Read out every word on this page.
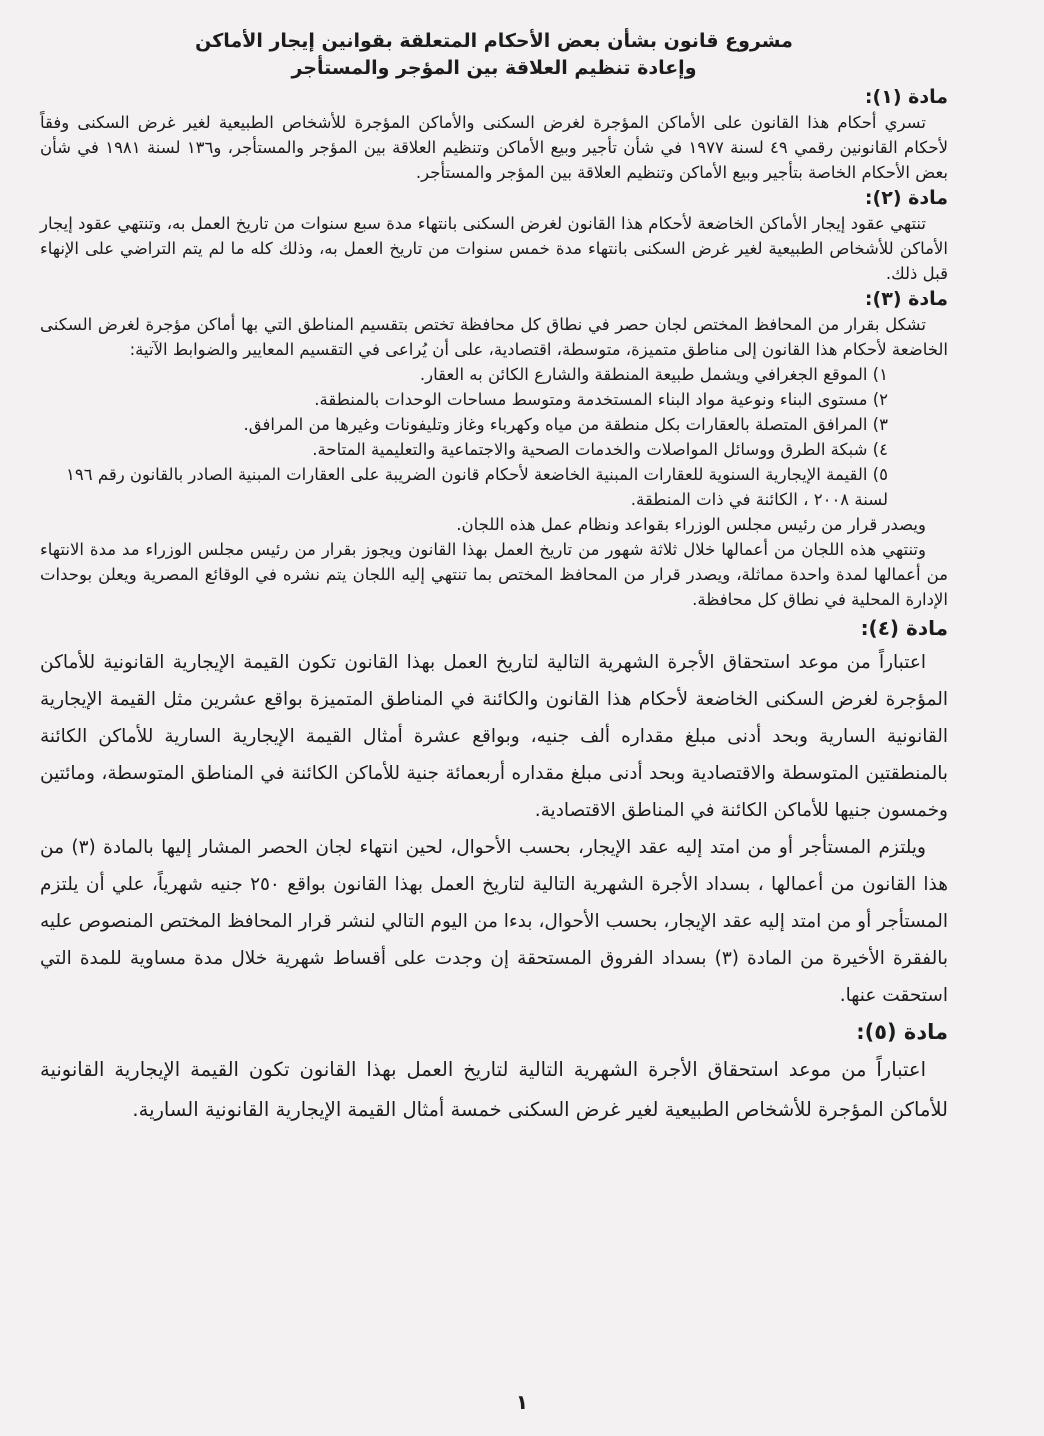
مشروع قانون بشأن بعض الأحكام المتعلقة بقوانين إيجار الأماكن
وإعادة تنظيم العلاقة بين المؤجر والمستأجر
مادة (١):

تسري أحكام هذا القانون على الأماكن المؤجرة لغرض السكنى والأماكن المؤجرة للأشخاص الطبيعية لغير غرض السكنى وفقاً لأحكام القانونين رقمي ٤٩ لسنة ١٩٧٧ في شأن تأجير وبيع الأماكن وتنظيم العلاقة بين المؤجر والمستأجر، و١٣٦ لسنة ١٩٨١ في شأن بعض الأحكام الخاصة بتأجير وبيع الأماكن وتنظيم العلاقة بين المؤجر والمستأجر.

مادة (٢):

تنتهي عقود إيجار الأماكن الخاضعة لأحكام هذا القانون لغرض السكنى بانتهاء مدة سبع سنوات من تاريخ العمل به، وتنتهي عقود إيجار الأماكن للأشخاص الطبيعية لغير غرض السكنى بانتهاء مدة خمس سنوات من تاريخ العمل به، وذلك كله ما لم يتم التراضي على الإنهاء قبل ذلك.

مادة (٣):

تشكل بقرار من المحافظ المختص لجان حصر في نطاق كل محافظة تختص بتقسيم المناطق التي بها أماكن مؤجرة لغرض السكنى الخاضعة لأحكام هذا القانون إلى مناطق متميزة، متوسطة، اقتصادية، على أن يُراعى في التقسيم المعايير والضوابط الآتية:

١) الموقع الجغرافي ويشمل طبيعة المنطقة والشارع الكائن به العقار.
٢) مستوى البناء ونوعية مواد البناء المستخدمة ومتوسط مساحات الوحدات بالمنطقة.
٣) المرافق المتصلة بالعقارات بكل منطقة من مياه وكهرباء وغاز وتليفونات وغيرها من المرافق.
٤) شبكة الطرق ووسائل المواصلات والخدمات الصحية والاجتماعية والتعليمية المتاحة.
٥) القيمة الإيجارية السنوية للعقارات المبنية الخاضعة لأحكام قانون الضريبة على العقارات المبنية الصادر بالقانون رقم ١٩٦ لسنة ٢٠٠٨ ، الكائنة في ذات المنطقة.

ويصدر قرار من رئيس مجلس الوزراء بقواعد ونظام عمل هذه اللجان.

وتنتهي هذه اللجان من أعمالها خلال ثلاثة شهور من تاريخ العمل بهذا القانون ويجوز بقرار من رئيس مجلس الوزراء مد مدة الانتهاء من أعمالها لمدة واحدة مماثلة، ويصدر قرار من المحافظ المختص بما تنتهي إليه اللجان يتم نشره في الوقائع المصرية ويعلن بوحدات الإدارة المحلية في نطاق كل محافظة.

مادة (٤):

اعتباراً من موعد استحقاق الأجرة الشهرية التالية لتاريخ العمل بهذا القانون تكون القيمة الإيجارية القانونية للأماكن المؤجرة لغرض السكنى الخاضعة لأحكام هذا القانون والكائنة في المناطق المتميزة بواقع عشرين مثل القيمة الإيجارية القانونية السارية وبحد أدنى مبلغ مقداره ألف جنيه، وبواقع عشرة أمثال القيمة الإيجارية السارية للأماكن الكائنة بالمنطقتين المتوسطة والاقتصادية وبحد أدنى مبلغ مقداره أربعمائة جنية للأماكن الكائنة في المناطق المتوسطة، ومائتين وخمسون جنيها للأماكن الكائنة في المناطق الاقتصادية.

ويلتزم المستأجر أو من امتد إليه عقد الإيجار، بحسب الأحوال، لحين انتهاء لجان الحصر المشار إليها بالمادة (٣) من هذا القانون من أعمالها ، بسداد الأجرة الشهرية التالية لتاريخ العمل بهذا القانون بواقع ٢٥٠ جنيه شهرياً، علي أن يلتزم المستأجر أو من امتد إليه عقد الإيجار، بحسب الأحوال، بدءا من اليوم التالي لنشر قرار المحافظ المختص المنصوص عليه بالفقرة الأخيرة من المادة (٣) بسداد الفروق المستحقة إن وجدت على أقساط شهرية خلال مدة مساوية للمدة التي استحقت عنها.

مادة (٥):

اعتباراً من موعد استحقاق الأجرة الشهرية التالية لتاريخ العمل بهذا القانون تكون القيمة الإيجارية القانونية للأماكن المؤجرة للأشخاص الطبيعية لغير غرض السكنى خمسة أمثال القيمة الإيجارية القانونية السارية.

١
